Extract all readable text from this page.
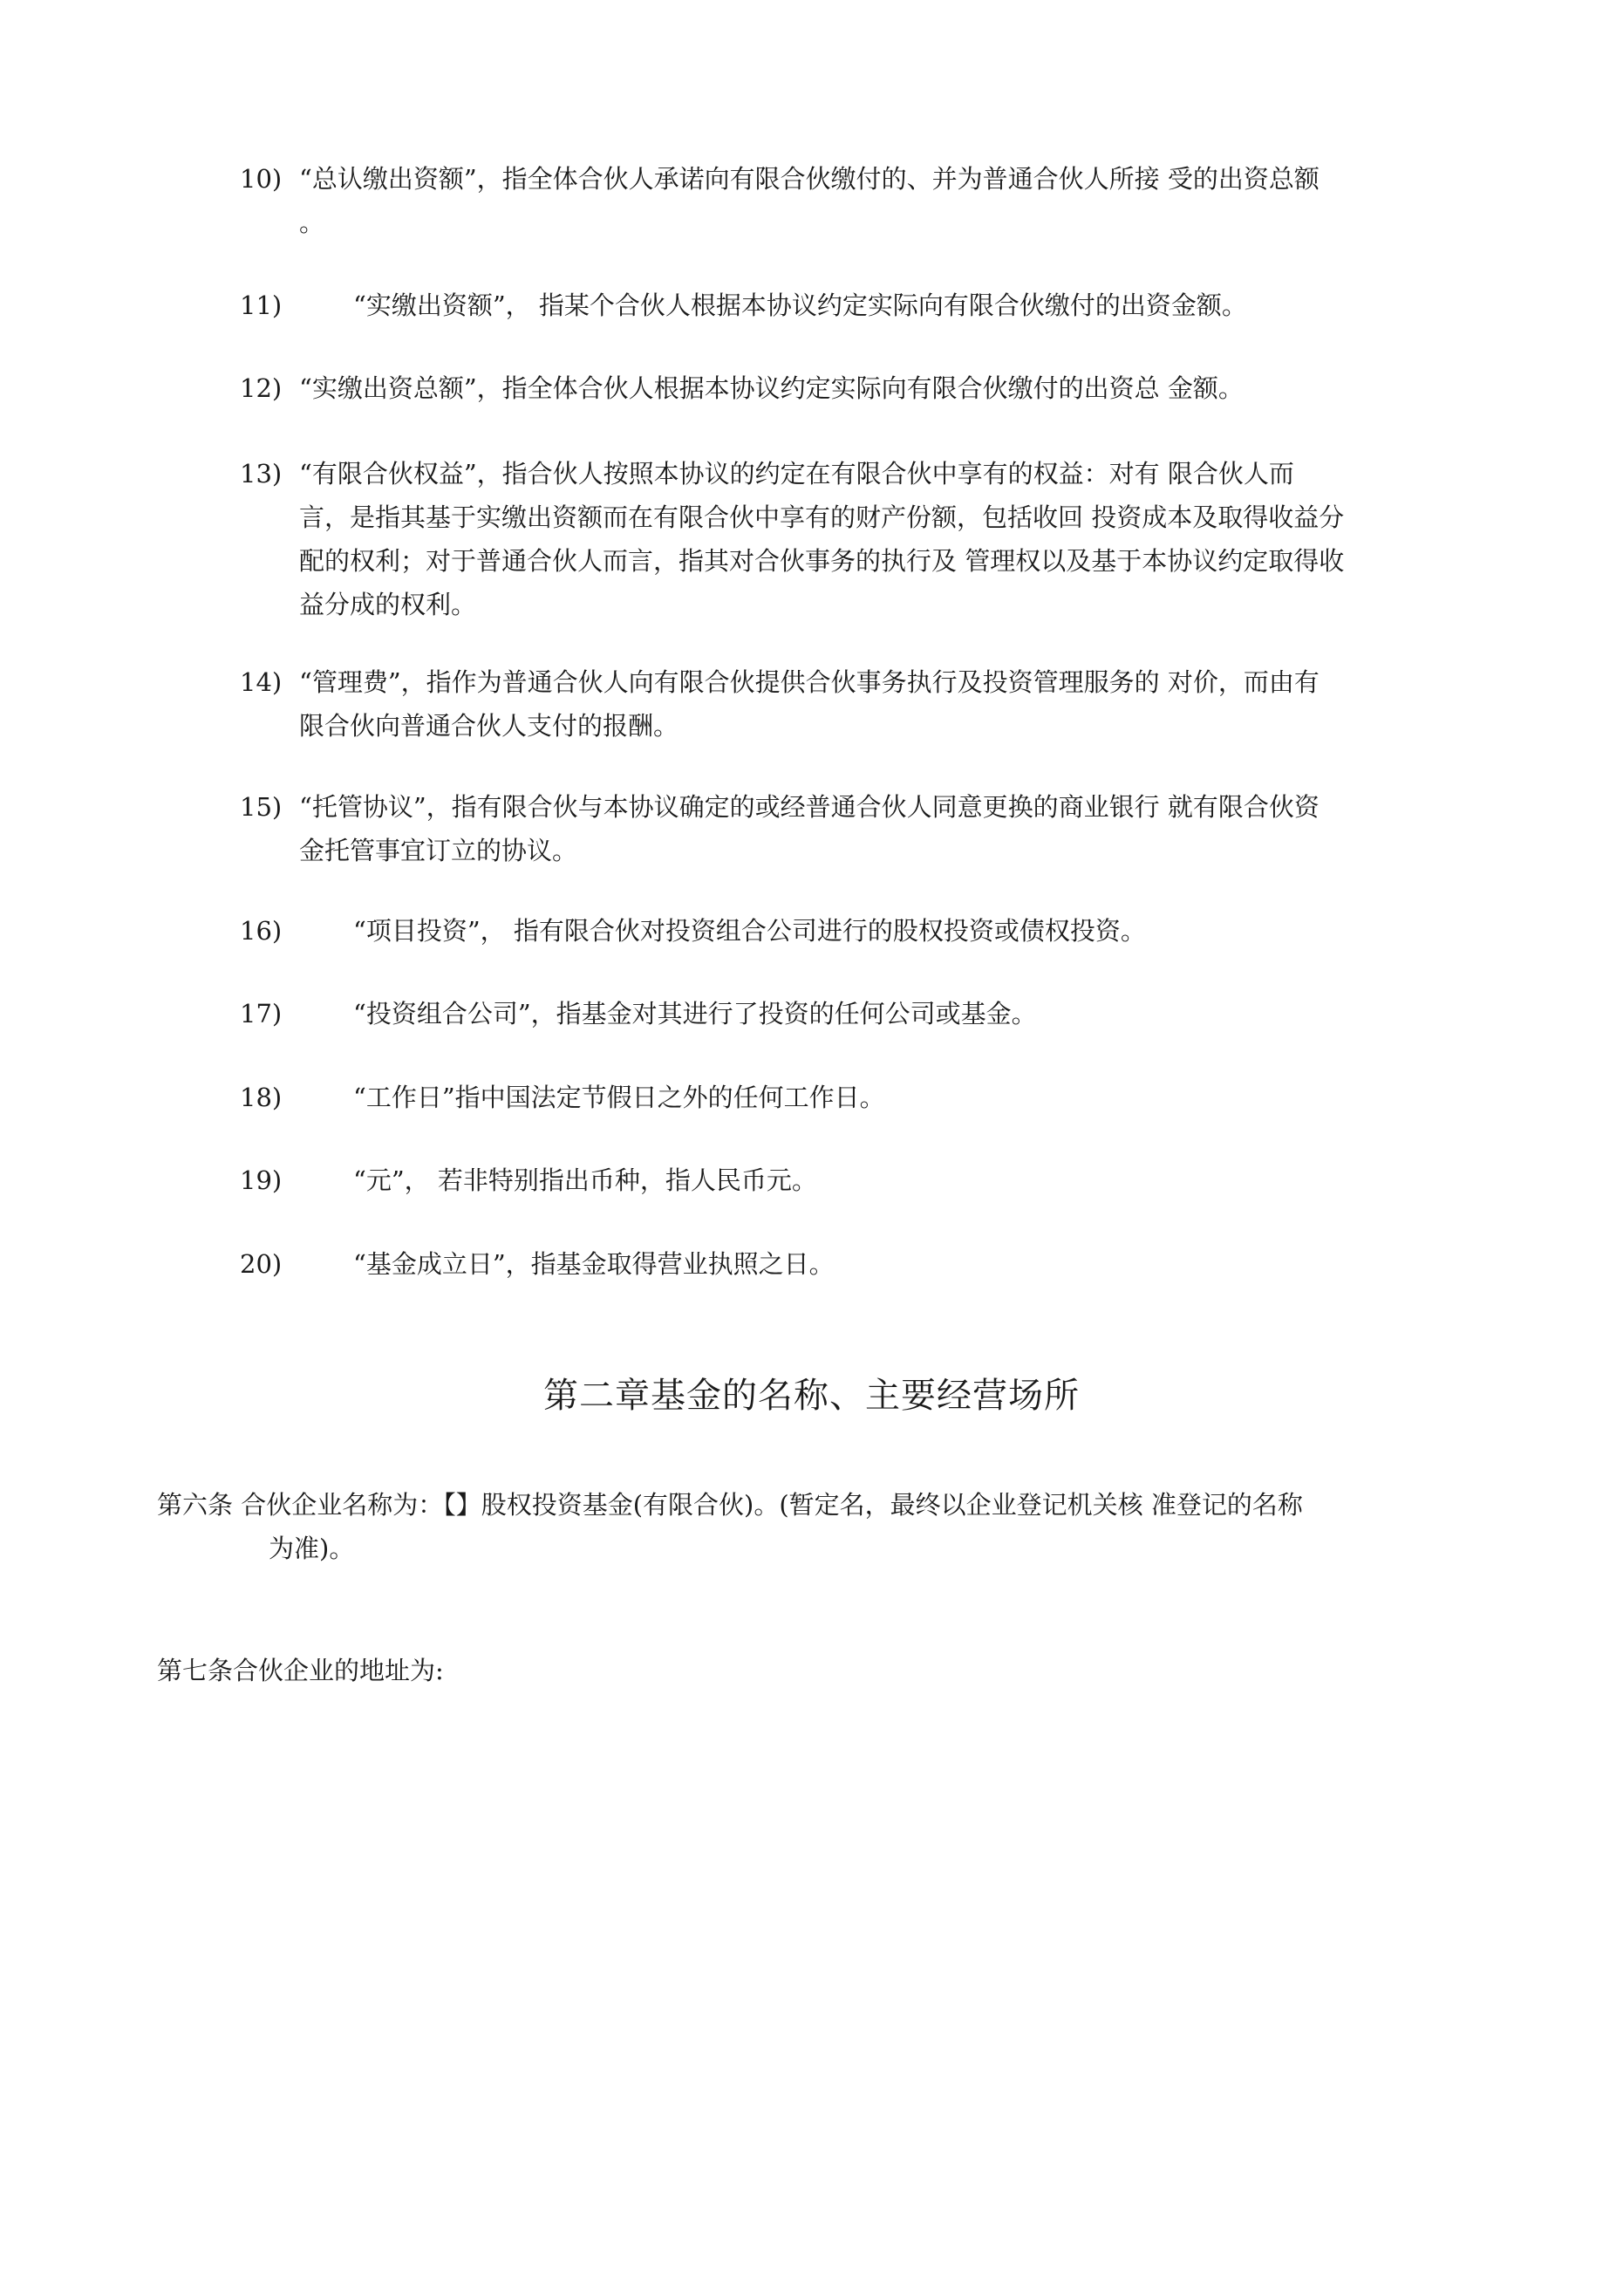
10) “总认缴出资额”，指全体合伙人承诺向有限合伙缴付的、并为普通合伙人所接 受的出资总额
。
11)	“实缴出资额”， 指某个合伙人根据本协议约定实际向有限合伙缴付的出资金额。
12) “实缴出资总额”，指全体合伙人根据本协议约定实际向有限合伙缴付的出资总 金额。
13) “有限合伙权益”，指合伙人按照本协议的约定在有限合伙中享有的权益：对有 限合伙人而
言，是指其基于实缴出资额而在有限合伙中享有的财产份额，包括收回 投资成本及取得收益分
配的权利；对于普通合伙人而言，指其对合伙事务的执行及 管理权以及基于本协议约定取得收
益分成的权利。
14) “管理费”，指作为普通合伙人向有限合伙提供合伙事务执行及投资管理服务的 对价，而由有
限合伙向普通合伙人支付的报酬。
15) “托管协议”，指有限合伙与本协议确定的或经普通合伙人同意更换的商业银行 就有限合伙资
金托管事宜订立的协议。
16)	“项目投资”， 指有限合伙对投资组合公司进行的股权投资或债权投资。
17)	“投资组合公司”，指基金对其进行了投资的任何公司或基金。
18)	“工作日”指中国法定节假日之外的任何工作日。
19)	“元”， 若非特别指出币种，指人民币元。
20)	“基金成立日”，指基金取得营业执照之日。
第二章基金的名称、主要经营场所
第六条 合伙企业名称为：【】股权投资基金(有限合伙)。(暂定名，最终以企业登记机关核 准登记的名称
为准)。
第七条合伙企业的地址为:
